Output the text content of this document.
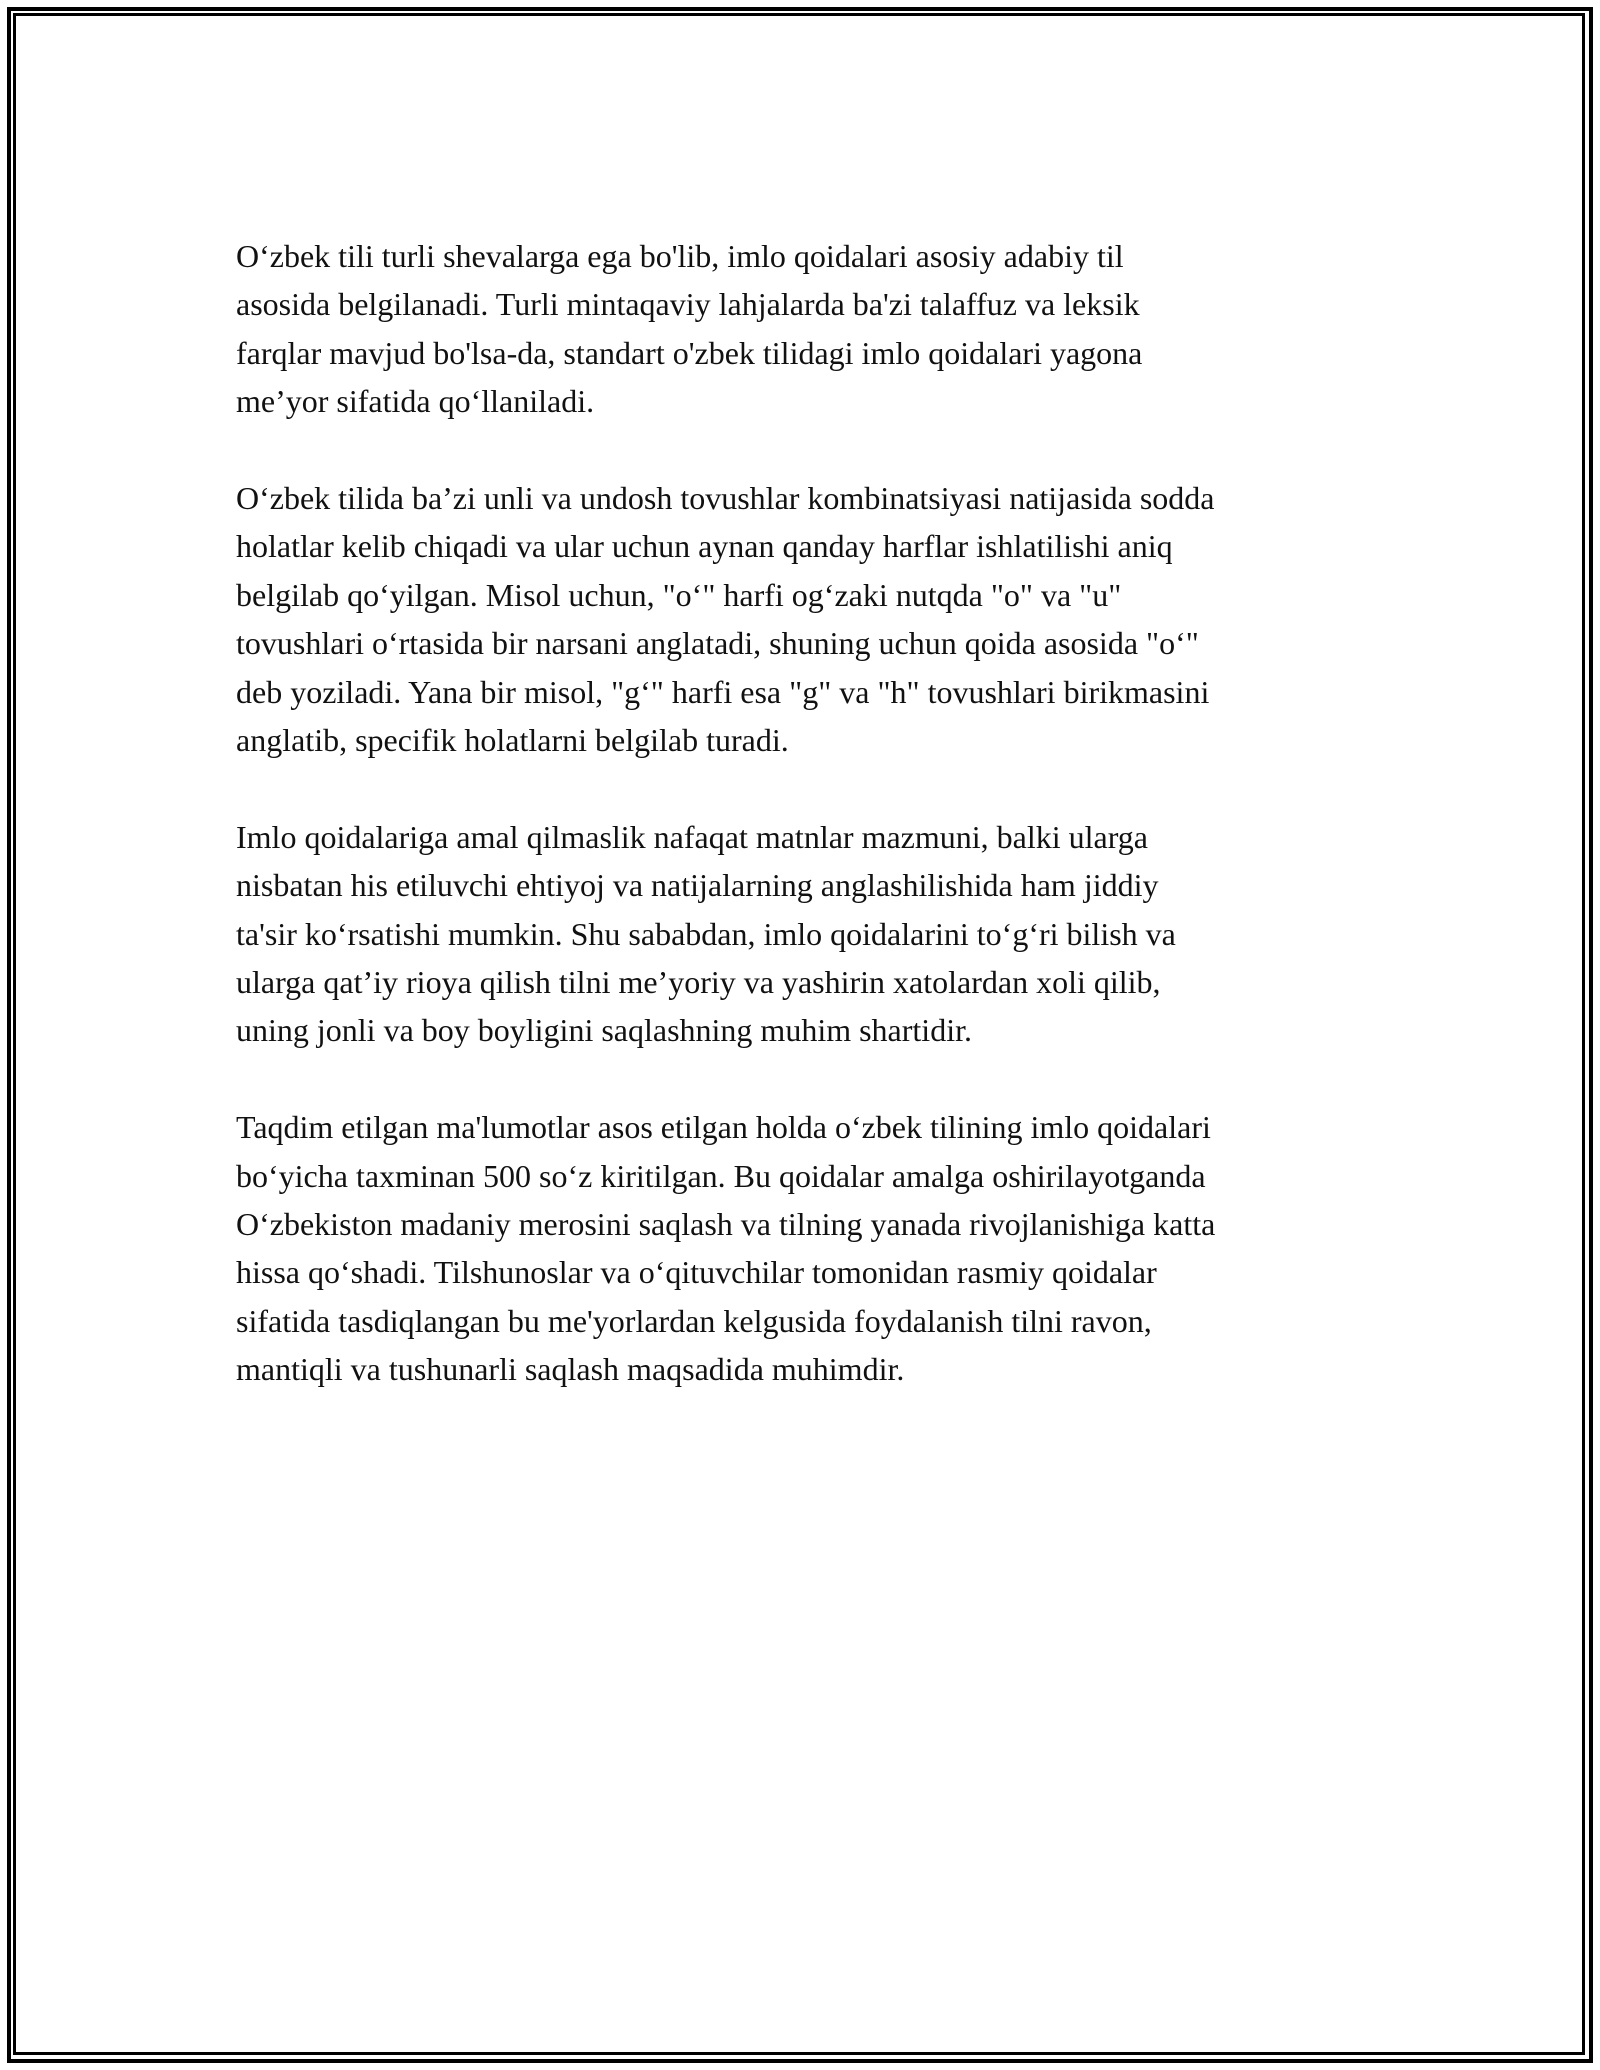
O‘zbek tili turli shevalarga ega bo'lib, imlo qoidalari asosiy adabiy til
asosida belgilanadi. Turli mintaqaviy lahjalarda ba'zi talaffuz va leksik
farqlar mavjud bo'lsa-da, standart o'zbek tilidagi imlo qoidalari yagona
me’yor sifatida qo‘llaniladi.

O‘zbek tilida ba’zi unli va undosh tovushlar kombinatsiyasi natijasida sodda
holatlar kelib chiqadi va ular uchun aynan qanday harflar ishlatilishi aniq
belgilab qo‘yilgan. Misol uchun, "o‘" harfi og‘zaki nutqda "o" va "u"
tovushlari o‘rtasida bir narsani anglatadi, shuning uchun qoida asosida "o‘"
deb yoziladi. Yana bir misol, "g‘" harfi esa "g" va "h" tovushlari birikmasini
anglatib, specifik holatlarni belgilab turadi.

Imlo qoidalariga amal qilmaslik nafaqat matnlar mazmuni, balki ularga
nisbatan his etiluvchi ehtiyoj va natijalarning anglashilishida ham jiddiy
ta'sir ko‘rsatishi mumkin. Shu sababdan, imlo qoidalarini to‘g‘ri bilish va
ularga qat’iy rioya qilish tilni me’yoriy va yashirin xatolardan xoli qilib,
uning jonli va boy boyligini saqlashning muhim shartidir.

Taqdim etilgan ma'lumotlar asos etilgan holda o‘zbek tilining imlo qoidalari
bo‘yicha taxminan 500 so‘z kiritilgan. Bu qoidalar amalga oshirilayotganda
O‘zbekiston madaniy merosini saqlash va tilning yanada rivojlanishiga katta
hissa qo‘shadi. Tilshunoslar va o‘qituvchilar tomonidan rasmiy qoidalar
sifatida tasdiqlangan bu me'yorlardan kelgusida foydalanish tilni ravon,
mantiqli va tushunarli saqlash maqsadida muhimdir.
